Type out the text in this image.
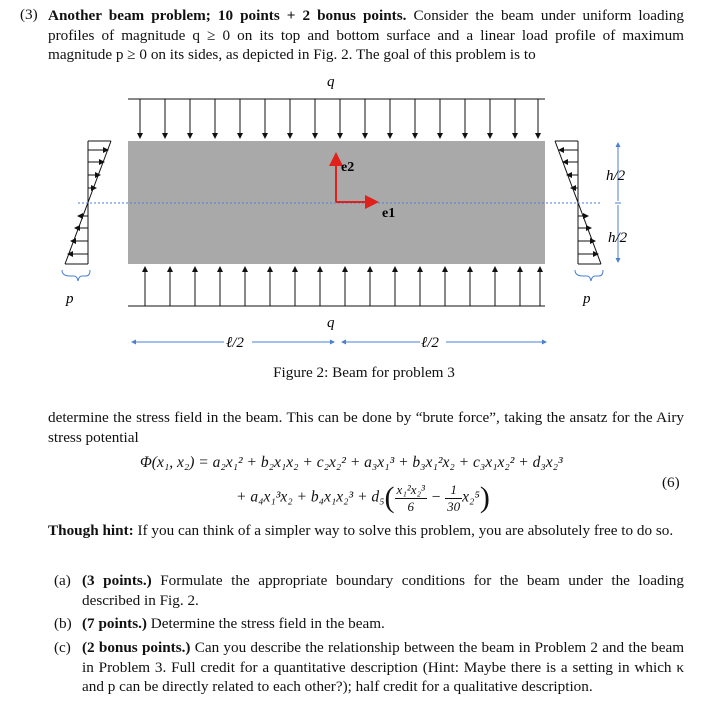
(3) Another beam problem; 10 points + 2 bonus points. Consider the beam under uniform loading profiles of magnitude q ≥ 0 on its top and bottom surface and a linear load profile of maximum magnitude p ≥ 0 on its sides, as depicted in Fig. 2. The goal of this problem is to
q
q
p	p
e2
e1
h/2
h/2
ℓ/2	ℓ/2
Figure 2: Beam for problem 3
determine the stress field in the beam. This can be done by “brute force”, taking the ansatz for the Airy stress potential
Φ(x₁, x₂) = a₂x₁² + b₂x₁x₂ + c₂x₂² + a₃x₁³ + b₃x₁²x₂ + c₃x₁x₂² + d₃x₂³
+ $a_4x_1^3x_2 + b_4x_1x_2^3 + d_5( \frac{\text{x₁²x₂³}}{6} - \frac{1}{30} x_2^5)$	(6)
Though hint: If you can think of a simpler way to solve this problem, you are absolutely free to do so.
(a) (3 points.) Formulate the appropriate boundary conditions for the beam under the loading described in Fig. 2.
(b) (7 points.) Determine the stress field in the beam.
(c) (2 bonus points.) Can you describe the relationship between the beam in Problem 2 and the beam in Problem 3. Full credit for a quantitative description (Hint: Maybe there is a setting in which κ and p can be directly related to each other?); half credit for a qualitative description.
